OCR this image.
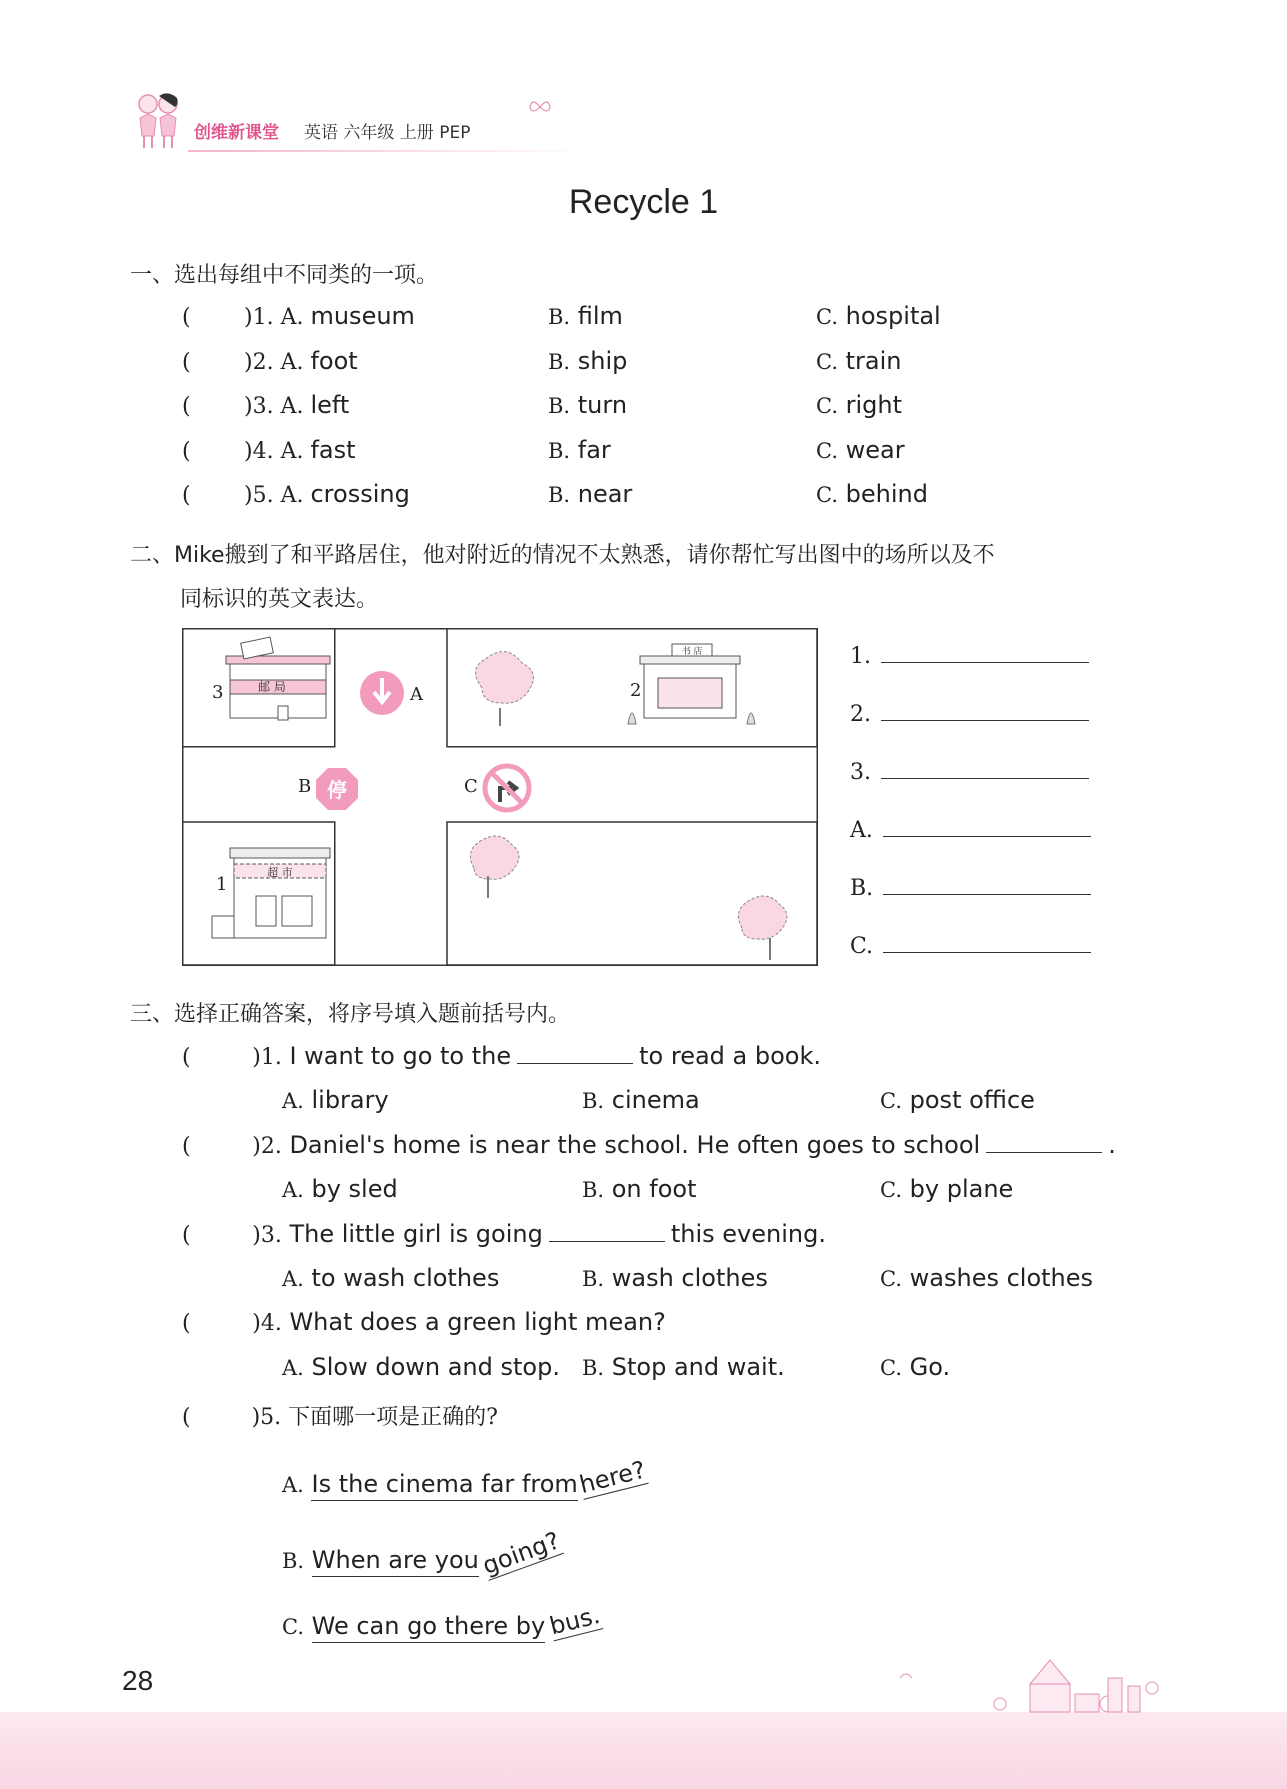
创维新课堂 英语 六年级 上册 PEP
Recycle 1
一、选出每组中不同类的一项。
( )1. A. museum	B. film	C. hospital
( )2. A. foot	B. ship	C. train
( )3. A. left	B. turn	C. right
( )4. A. fast	B. far	C. wear
( )5. A. crossing	B. near	C. behind
二、Mike搬到了和平路居住，他对附近的情况不太熟悉，请你帮忙写出图中的场所以及不
同标识的英文表达。
邮 局
3	A
书 店
2
B 停	C
超 市
1
1.
2.
3.
A.
B.
C.
三、选择正确答案，将序号填入题前括号内。
(	)1. I want to go to the	to read a book.
A. library	B. cinema	C. post office
(	)2. Daniel's home is near the school. He often goes to school	.
A. by sled	B. on foot	C. by plane
(	)3. The little girl is going	this evening.
A. to wash clothes	B. wash clothes	C. washes clothes
(	)4. What does a green light mean?
A. Slow down and stop. B. Stop and wait.	C. Go.
(	)5. 下面哪一项是正确的?
A. Is the cinema far from here?
B. When are you going?
C. We can go there by bus.
28
